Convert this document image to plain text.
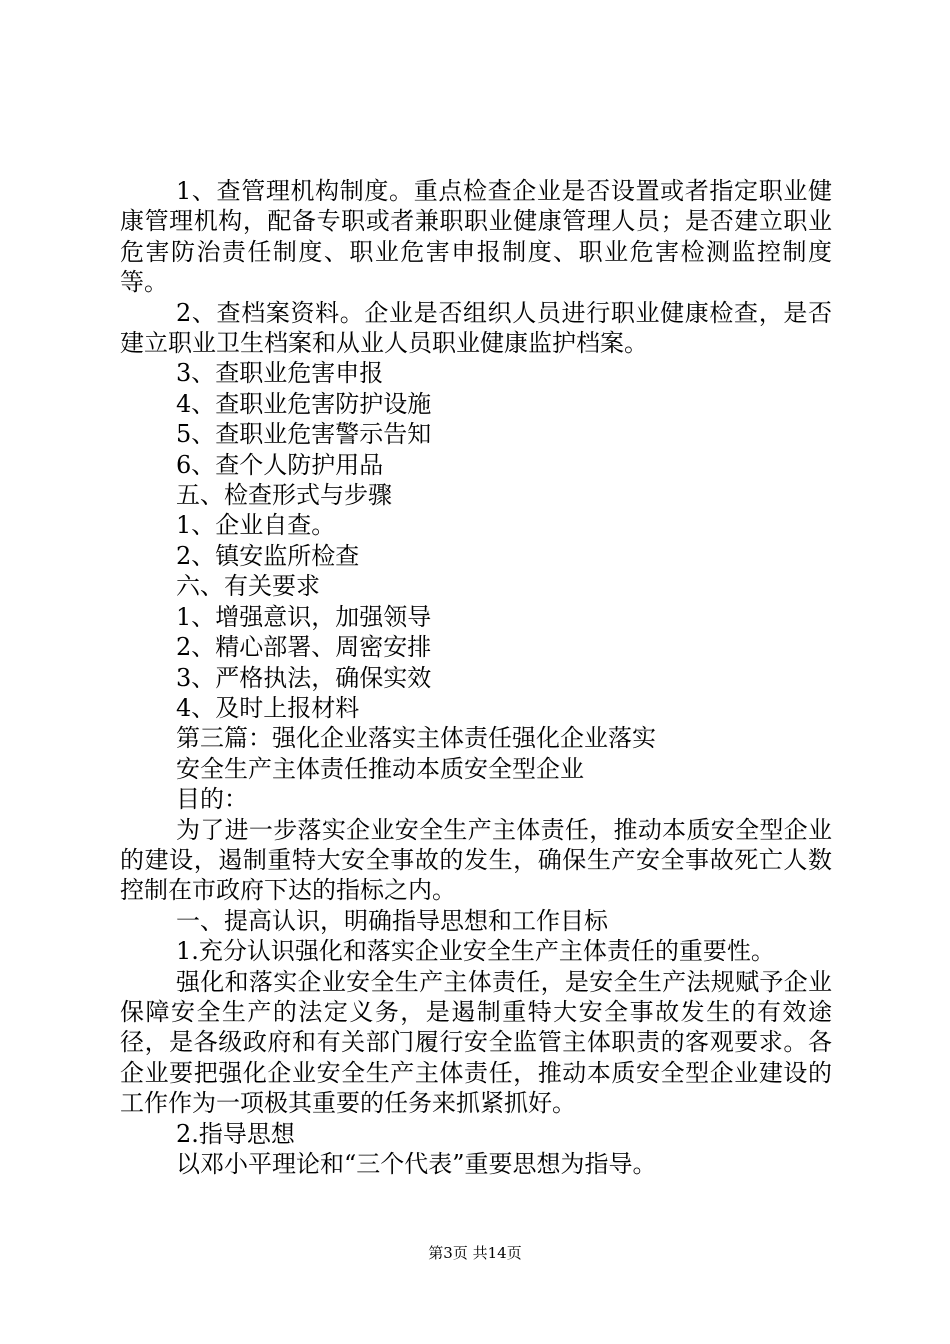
1、查管理机构制度。重点检查企业是否设置或者指定职业健康管理机构，配备专职或者兼职职业健康管理人员；是否建立职业危害防治责任制度、职业危害申报制度、职业危害检测监控制度等。

2、查档案资料。企业是否组织人员进行职业健康检查，是否建立职业卫生档案和从业人员职业健康监护档案。

3、查职业危害申报

4、查职业危害防护设施

5、查职业危害警示告知

6、查个人防护用品

五、检查形式与步骤

1、企业自查。

2、镇安监所检查

六、有关要求

1、增强意识，加强领导

2、精心部署、周密安排

3、严格执法，确保实效

4、及时上报材料

第三篇：强化企业落实主体责任强化企业落实

安全生产主体责任推动本质安全型企业

目的：

为了进一步落实企业安全生产主体责任，推动本质安全型企业的建设，遏制重特大安全事故的发生，确保生产安全事故死亡人数控制在市政府下达的指标之内。

一、提高认识，明确指导思想和工作目标

1.充分认识强化和落实企业安全生产主体责任的重要性。

强化和落实企业安全生产主体责任，是安全生产法规赋予企业保障安全生产的法定义务，是遏制重特大安全事故发生的有效途径，是各级政府和有关部门履行安全监管主体职责的客观要求。各企业要把强化企业安全生产主体责任，推动本质安全型企业建设的工作作为一项极其重要的任务来抓紧抓好。

2.指导思想

以邓小平理论和“三个代表”重要思想为指导。

第3页 共14页
